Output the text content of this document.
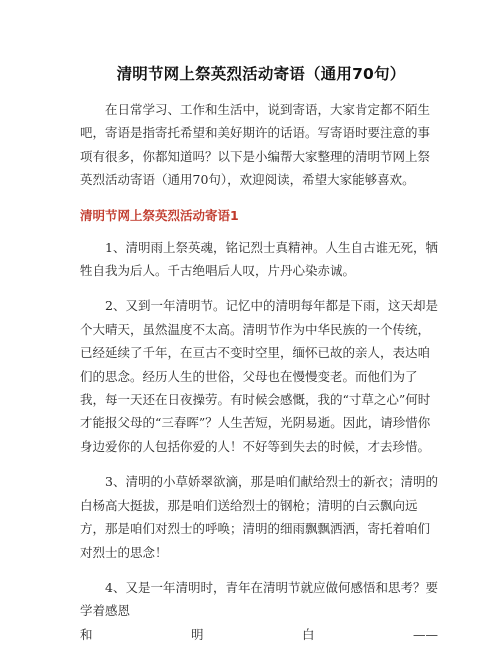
清明节网上祭英烈活动寄语（通用70句）

在日常学习、工作和生活中，说到寄语，大家肯定都不陌生吧，寄语是指寄托希望和美好期许的话语。写寄语时要注意的事项有很多，你都知道吗？以下是小编帮大家整理的清明节网上祭英烈活动寄语（通用70句），欢迎阅读，希望大家能够喜欢。

清明节网上祭英烈活动寄语1

1、清明雨上祭英魂，铭记烈士真精神。人生自古谁无死，牺牲自我为后人。千古绝唱后人叹，片丹心染赤诚。

2、又到一年清明节。记忆中的清明每年都是下雨，这天却是个大晴天，虽然温度不太高。清明节作为中华民族的一个传统，已经延续了千年，在亘古不变时空里，缅怀已故的亲人，表达咱们的思念。经历人生的世俗，父母也在慢慢变老。而他们为了我，每一天还在日夜操劳。有时候会感慨，我的“寸草之心”何时才能报父母的“三春晖”？人生苦短，光阴易逝。因此，请珍惜你身边爱你的人包括你爱的人！不好等到失去的时候，才去珍惜。

3、清明的小草娇翠欲滴，那是咱们献给烈士的新衣；清明的白杨高大挺拔，那是咱们送给烈士的钢枪；清明的白云飘向远方，那是咱们对烈士的呼唤；清明的细雨飘飘洒洒，寄托着咱们对烈士的思念！

4、又是一年清明时，青年在清明节就应做何感悟和思考？要学着感恩

和	明	白	——
